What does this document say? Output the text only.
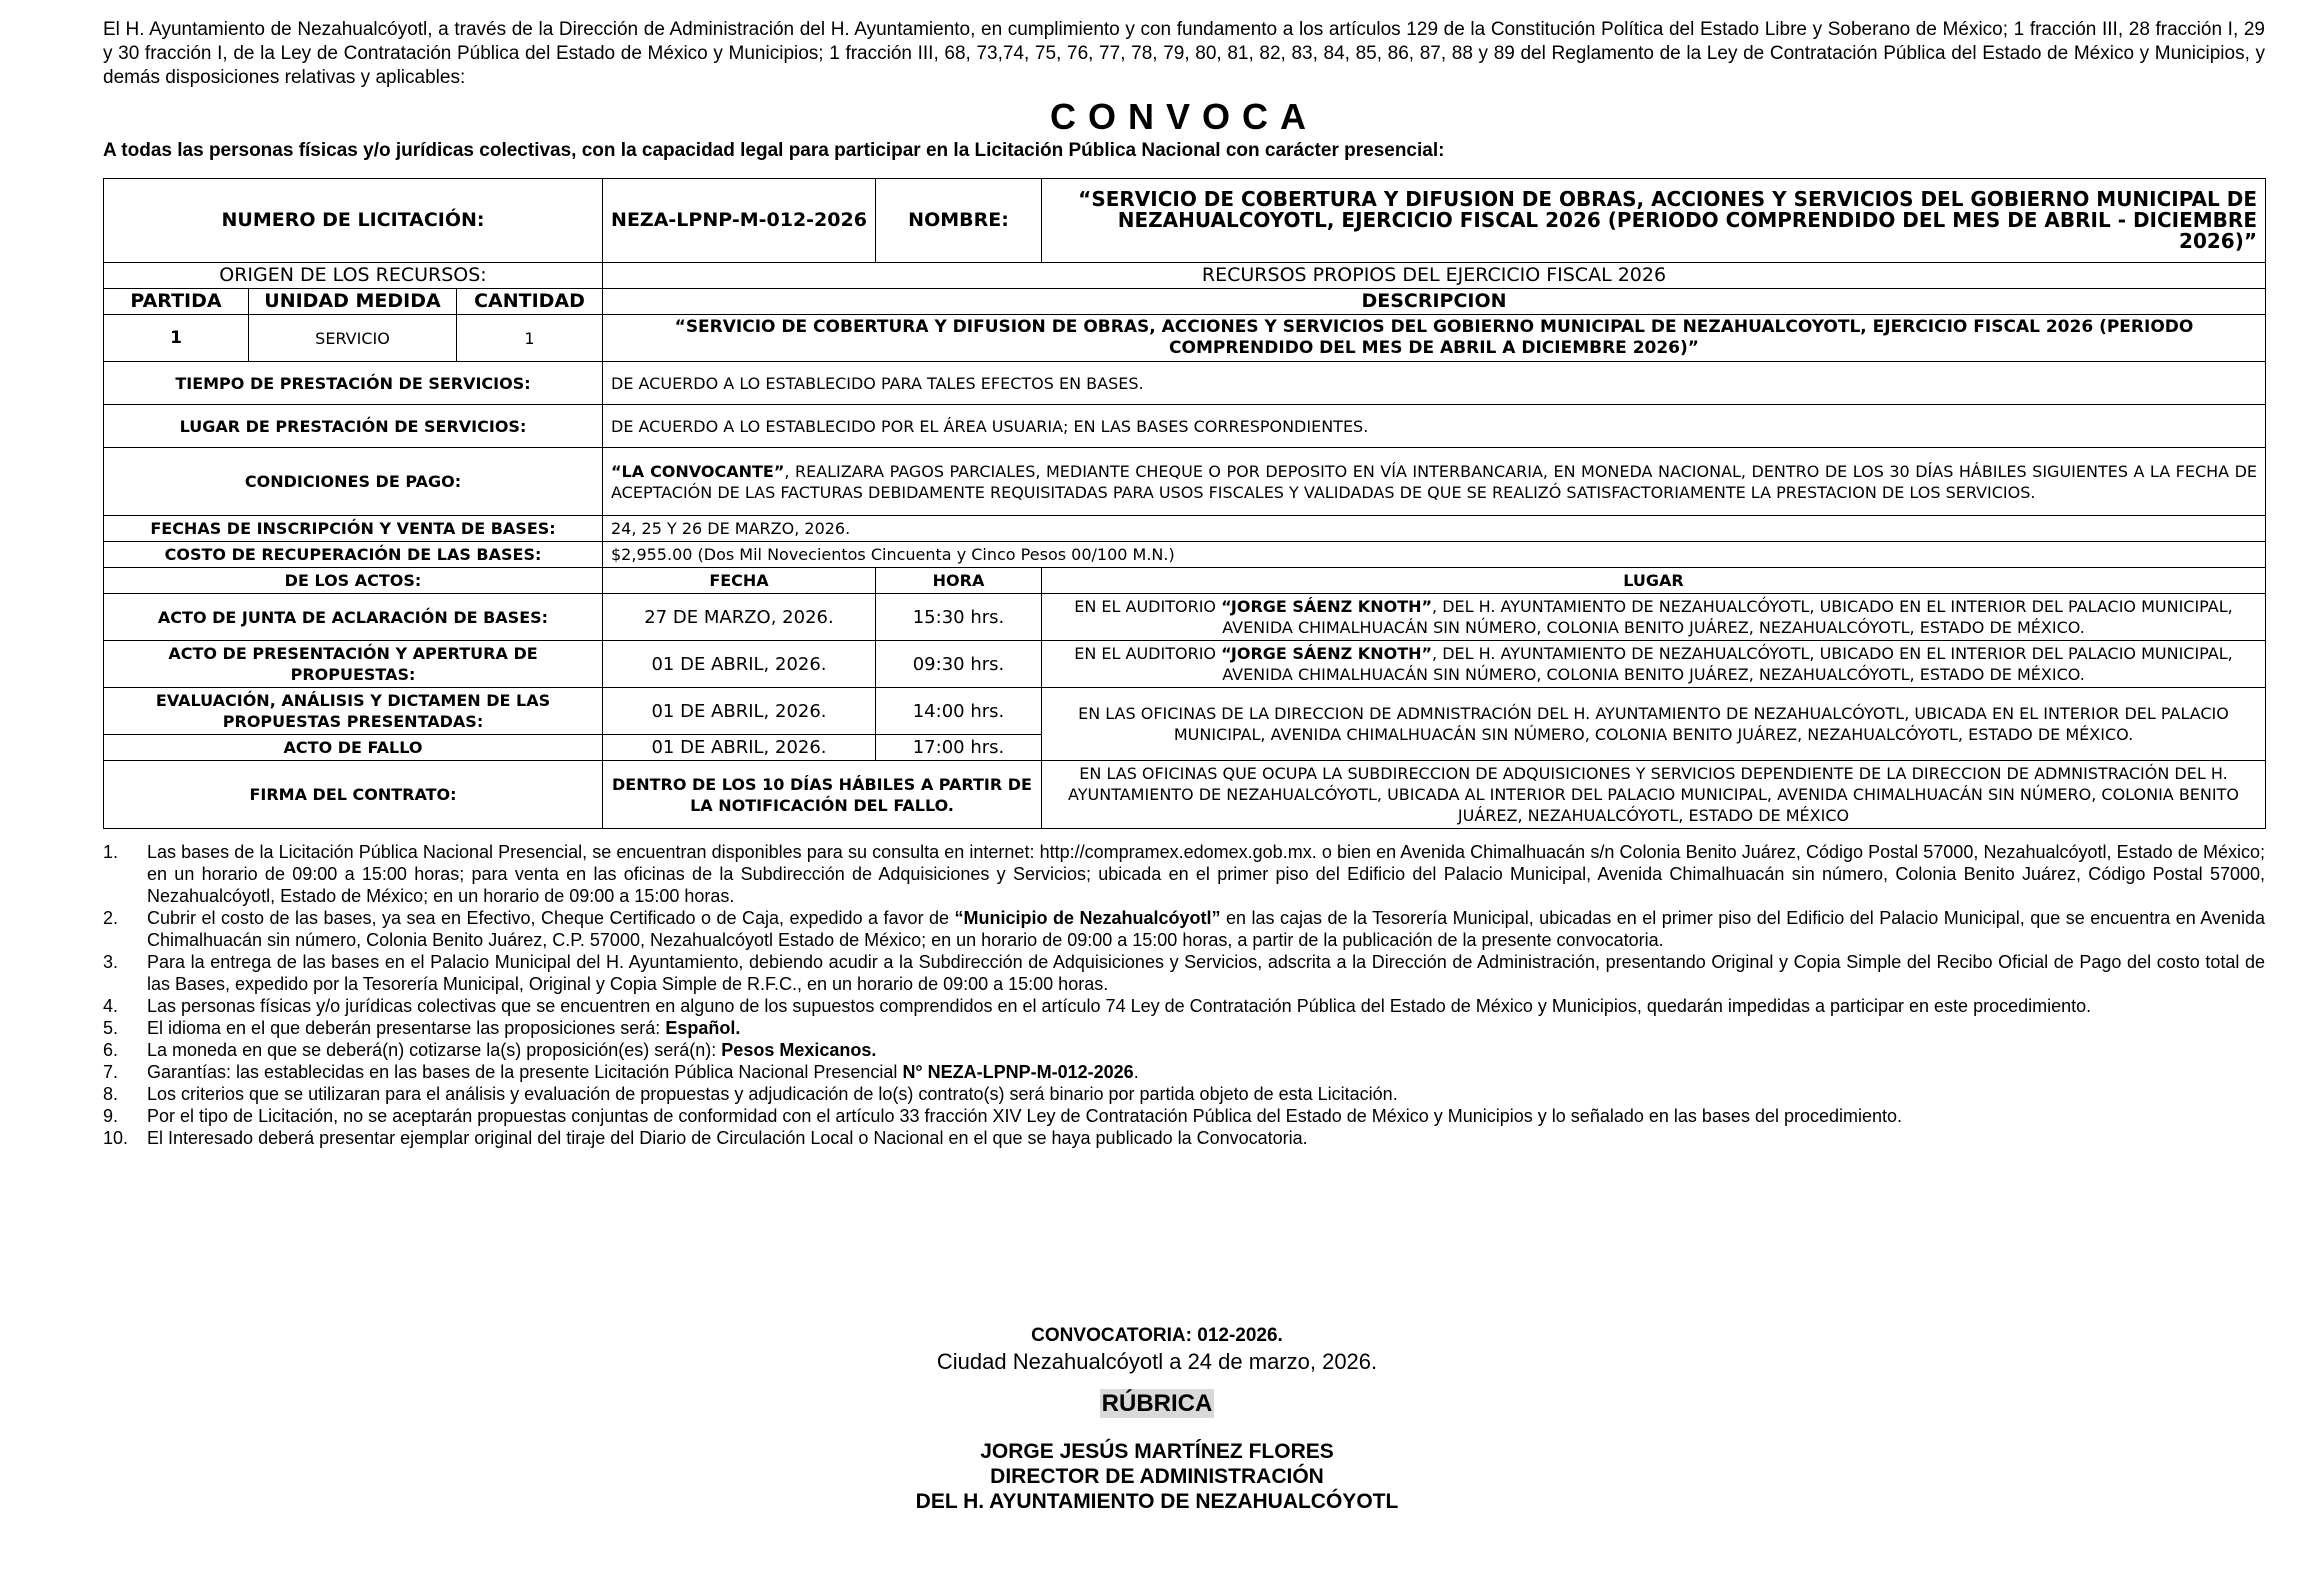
El H. Ayuntamiento de Nezahualcóyotl, a través de la Dirección de Administración del H. Ayuntamiento, en cumplimiento y con fundamento a los artículos 129 de la Constitución Política del Estado Libre y Soberano de México; 1 fracción III, 28 fracción I, 29 y 30 fracción I, de la Ley de Contratación Pública del Estado de México y Municipios; 1 fracción III, 68, 73,74, 75, 76, 77, 78, 79, 80, 81, 82, 83, 84, 85, 86, 87, 88 y 89 del Reglamento de la Ley de Contratación Pública del Estado de México y Municipios, y demás disposiciones relativas y aplicables:

CONVOCA

A todas las personas físicas y/o jurídicas colectivas, con la capacidad legal para participar en la Licitación Pública Nacional con carácter presencial:

NUMERO DE LICITACIÓN:			NEZA-LPNP-M-012-2026	NOMBRE:	“SERVICIO DE COBERTURA Y DIFUSION DE OBRAS, ACCIONES Y SERVICIOS DEL GOBIERNO MUNICIPAL DE NEZAHUALCOYOTL, EJERCICIO FISCAL 2026 (PERIODO COMPRENDIDO DEL MES DE ABRIL - DICIEMBRE 2026)”
ORIGEN DE LOS RECURSOS:			RECURSOS PROPIOS DEL EJERCICIO FISCAL 2026		
PARTIDA	UNIDAD MEDIDA	CANTIDAD	DESCRIPCION		
1	SERVICIO	1	“SERVICIO DE COBERTURA Y DIFUSION DE OBRAS, ACCIONES Y SERVICIOS DEL GOBIERNO MUNICIPAL DE NEZAHUALCOYOTL, EJERCICIO FISCAL 2026 (PERIODO COMPRENDIDO DEL MES DE ABRIL A DICIEMBRE 2026)”		
TIEMPO DE PRESTACIÓN DE SERVICIOS:			DE ACUERDO A LO ESTABLECIDO PARA TALES EFECTOS EN BASES.		
LUGAR DE PRESTACIÓN DE SERVICIOS:			DE ACUERDO A LO ESTABLECIDO POR EL ÁREA USUARIA; EN LAS BASES CORRESPONDIENTES.		
CONDICIONES DE PAGO:			“LA CONVOCANTE”, REALIZARA PAGOS PARCIALES, MEDIANTE CHEQUE O POR DEPOSITO EN VÍA INTERBANCARIA, EN MONEDA NACIONAL, DENTRO DE LOS 30 DÍAS HÁBILES SIGUIENTES A LA FECHA DE ACEPTACIÓN DE LAS FACTURAS DEBIDAMENTE REQUISITADAS PARA USOS FISCALES Y VALIDADAS DE QUE SE REALIZÓ SATISFACTORIAMENTE LA PRESTACION DE LOS SERVICIOS.		
FECHAS DE INSCRIPCIÓN Y VENTA DE BASES:			24, 25 Y 26 DE MARZO, 2026.		
COSTO DE RECUPERACIÓN DE LAS BASES:			$2,955.00 (Dos Mil Novecientos Cincuenta y Cinco Pesos 00/100 M.N.)		
DE LOS ACTOS:			FECHA	HORA	LUGAR
ACTO DE JUNTA DE ACLARACIÓN DE BASES:			27 DE MARZO, 2026.	15:30 hrs.	EN EL AUDITORIO “JORGE SÁENZ KNOTH”, DEL H. AYUNTAMIENTO DE NEZAHUALCÓYOTL, UBICADO EN EL INTERIOR DEL PALACIO MUNICIPAL, AVENIDA CHIMALHUACÁN SIN NÚMERO, COLONIA BENITO JUÁREZ, NEZAHUALCÓYOTL, ESTADO DE MÉXICO.
ACTO DE PRESENTACIÓN Y APERTURA DE PROPUESTAS:			01 DE ABRIL, 2026.	09:30 hrs.	EN EL AUDITORIO “JORGE SÁENZ KNOTH”, DEL H. AYUNTAMIENTO DE NEZAHUALCÓYOTL, UBICADO EN EL INTERIOR DEL PALACIO MUNICIPAL, AVENIDA CHIMALHUACÁN SIN NÚMERO, COLONIA BENITO JUÁREZ, NEZAHUALCÓYOTL, ESTADO DE MÉXICO.
EVALUACIÓN, ANÁLISIS Y DICTAMEN DE LAS PROPUESTAS PRESENTADAS:			01 DE ABRIL, 2026.	14:00 hrs.	EN LAS OFICINAS DE LA DIRECCION DE ADMNISTRACIÓN DEL H. AYUNTAMIENTO DE NEZAHUALCÓYOTL, UBICADA EN EL INTERIOR DEL PALACIO MUNICIPAL, AVENIDA CHIMALHUACÁN SIN NÚMERO, COLONIA BENITO JUÁREZ, NEZAHUALCÓYOTL, ESTADO DE MÉXICO.
ACTO DE FALLO			01 DE ABRIL, 2026.	17:00 hrs.	
FIRMA DEL CONTRATO:			DENTRO DE LOS 10 DÍAS HÁBILES A PARTIR DE LA NOTIFICACIÓN DEL FALLO.		EN LAS OFICINAS QUE OCUPA LA SUBDIRECCION DE ADQUISICIONES Y SERVICIOS DEPENDIENTE DE LA DIRECCION DE ADMNISTRACIÓN DEL H. AYUNTAMIENTO DE NEZAHUALCÓYOTL, UBICADA AL INTERIOR DEL PALACIO MUNICIPAL, AVENIDA CHIMALHUACÁN SIN NÚMERO, COLONIA BENITO JUÁREZ, NEZAHUALCÓYOTL, ESTADO DE MÉXICO
1.	Las bases de la Licitación Pública Nacional Presencial, se encuentran disponibles para su consulta en internet: http://compramex.edomex.gob.mx. o bien en Avenida Chimalhuacán s/n Colonia Benito Juárez, Código Postal 57000, Nezahualcóyotl, Estado de México; en un horario de 09:00 a 15:00 horas; para venta en las oficinas de la Subdirección de Adquisiciones y Servicios; ubicada en el primer piso del Edificio del Palacio Municipal, Avenida Chimalhuacán sin número, Colonia Benito Juárez, Código Postal 57000, Nezahualcóyotl, Estado de México; en un horario de 09:00 a 15:00 horas.
2.	Cubrir el costo de las bases, ya sea en Efectivo, Cheque Certificado o de Caja, expedido a favor de “Municipio de Nezahualcóyotl” en las cajas de la Tesorería Municipal, ubicadas en el primer piso del Edificio del Palacio Municipal, que se encuentra en Avenida Chimalhuacán sin número, Colonia Benito Juárez, C.P. 57000, Nezahualcóyotl Estado de México; en un horario de 09:00 a 15:00 horas, a partir de la publicación de la presente convocatoria.
3.	Para la entrega de las bases en el Palacio Municipal del H. Ayuntamiento, debiendo acudir a la Subdirección de Adquisiciones y Servicios, adscrita a la Dirección de Administración, presentando Original y Copia Simple del Recibo Oficial de Pago del costo total de las Bases, expedido por la Tesorería Municipal, Original y Copia Simple de R.F.C., en un horario de 09:00 a 15:00 horas.
4.	Las personas físicas y/o jurídicas colectivas que se encuentren en alguno de los supuestos comprendidos en el artículo 74 Ley de Contratación Pública del Estado de México y Municipios, quedarán impedidas a participar en este procedimiento.
5.	El idioma en el que deberán presentarse las proposiciones será: Español.
6.	La moneda en que se deberá(n) cotizarse la(s) proposición(es) será(n): Pesos Mexicanos.
7.	Garantías: las establecidas en las bases de la presente Licitación Pública Nacional Presencial N° NEZA-LPNP-M-012-2026.
8.	Los criterios que se utilizaran para el análisis y evaluación de propuestas y adjudicación de lo(s) contrato(s) será binario por partida objeto de esta Licitación.
9.	Por el tipo de Licitación, no se aceptarán propuestas conjuntas de conformidad con el artículo 33 fracción XIV Ley de Contratación Pública del Estado de México y Municipios y lo señalado en las bases del procedimiento.
10.	El Interesado deberá presentar ejemplar original del tiraje del Diario de Circulación Local o Nacional en el que se haya publicado la Convocatoria.
CONVOCATORIA: 012-2026.
Ciudad Nezahualcóyotl a 24 de marzo, 2026.
RÚBRICA
JORGE JESÚS MARTÍNEZ FLORES
DIRECTOR DE ADMINISTRACIÓN
DEL H. AYUNTAMIENTO DE NEZAHUALCÓYOTL
